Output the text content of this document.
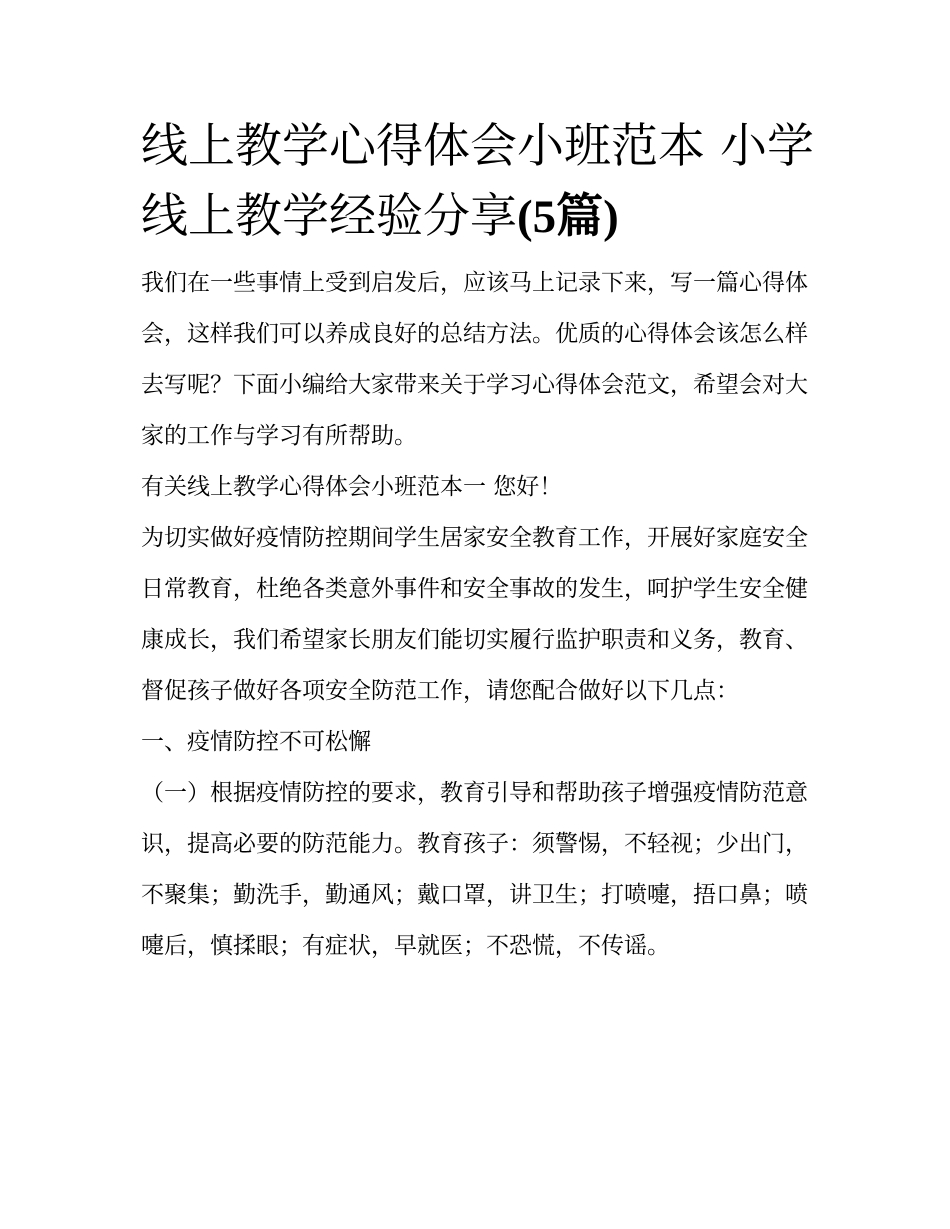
线上教学心得体会小班范本 小学线上教学经验分享(5篇)

我们在一些事情上受到启发后，应该马上记录下来，写一篇心得体会，这样我们可以养成良好的总结方法。优质的心得体会该怎么样去写呢？下面小编给大家带来关于学习心得体会范文，希望会对大家的工作与学习有所帮助。

有关线上教学心得体会小班范本一 您好！

为切实做好疫情防控期间学生居家安全教育工作，开展好家庭安全日常教育，杜绝各类意外事件和安全事故的发生，呵护学生安全健康成长，我们希望家长朋友们能切实履行监护职责和义务，教育、督促孩子做好各项安全防范工作，请您配合做好以下几点：

一、疫情防控不可松懈

（一）根据疫情防控的要求，教育引导和帮助孩子增强疫情防范意识，提高必要的防范能力。教育孩子：须警惕，不轻视；少出门，不聚集；勤洗手，勤通风；戴口罩，讲卫生；打喷嚏，捂口鼻；喷嚏后，慎揉眼；有症状，早就医；不恐慌，不传谣。
